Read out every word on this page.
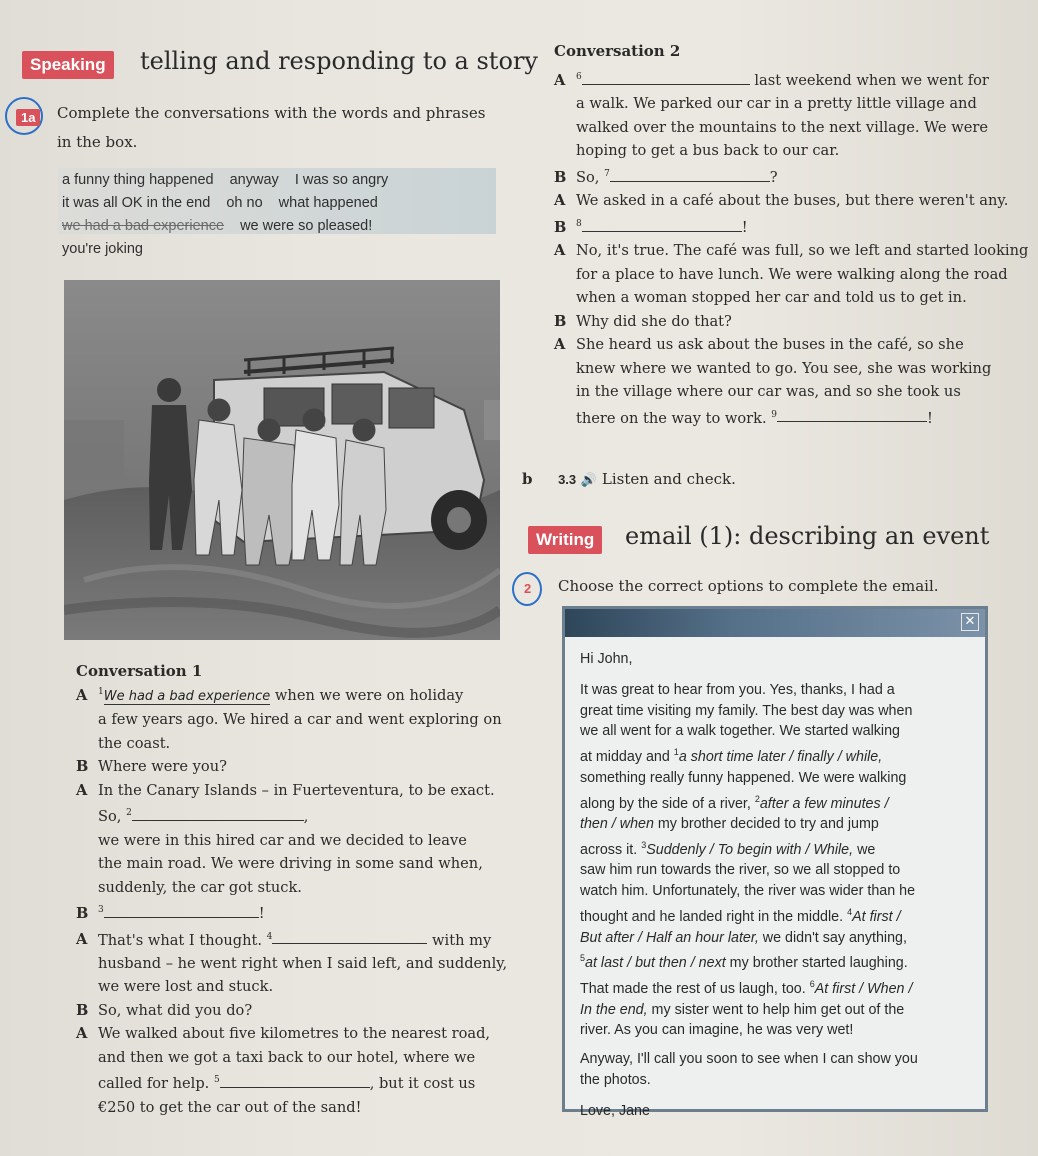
Speaking	telling and responding to a story
1a	Complete the conversations with the words and phrases
in the box.
a funny thing happened anyway I was so angry
it was all OK in the end oh no what happened
we had a bad experience we were so pleased!
you're joking
Conversation 1
A $^1$We had a bad experience when we were on holiday
a few years ago. We hired a car and went exploring on
the coast.
B Where were you?
A In the Canary Islands – in Fuerteventura, to be exact.
So, $^2$	,
we were in this hired car and we decided to leave
the main road. We were driving in some sand when,
suddenly, the car got stuck.
B $^3$	!
A That's what I thought. $^4$	with my
husband – he went right when I said left, and suddenly,
we were lost and stuck.
B So, what did you do?
A We walked about five kilometres to the nearest road,
and then we got a taxi back to our hotel, where we
called for help. $^5$	, but it cost us
€250 to get the car out of the sand!
Conversation 2
A $^6$	last weekend when we went for
a walk. We parked our car in a pretty little village and
walked over the mountains to the next village. We were
hoping to get a bus back to our car.
B So, $^7$	?
A We asked in a café about the buses, but there weren't any.
B $^8$	!
A No, it's true. The café was full, so we left and started looking
for a place to have lunch. We were walking along the road
when a woman stopped her car and told us to get in.
B Why did she do that?
A She heard us ask about the buses in the café, so she
knew where we wanted to go. You see, she was working
in the village where our car was, and so she took us
there on the way to work. $^9$	!
b 3.3 🔊 Listen and check.
Writing	email (1): describing an event
2	Choose the correct options to complete the email.
✕

Hi John,

It was great to hear from you. Yes, thanks, I had a

great time visiting my family. The best day was when

we all went for a walk together. We started walking

at midday and $^1$a short time later / finally / while,

something really funny happened. We were walking

along by the side of a river, $^2$after a few minutes /

then / when my brother decided to try and jump

across it. $^3$Suddenly / To begin with / While, we

saw him run towards the river, so we all stopped to

watch him. Unfortunately, the river was wider than he

thought and he landed right in the middle. $^4$At first /

But after / Half an hour later, we didn't say anything,

$^5$at last / but then / next my brother started laughing.

That made the rest of us laugh, too. $^6$At first / When /

In the end, my sister went to help him get out of the

river. As you can imagine, he was very wet!

Anyway, I'll call you soon to see when I can show you

the photos.

Love, Jane
